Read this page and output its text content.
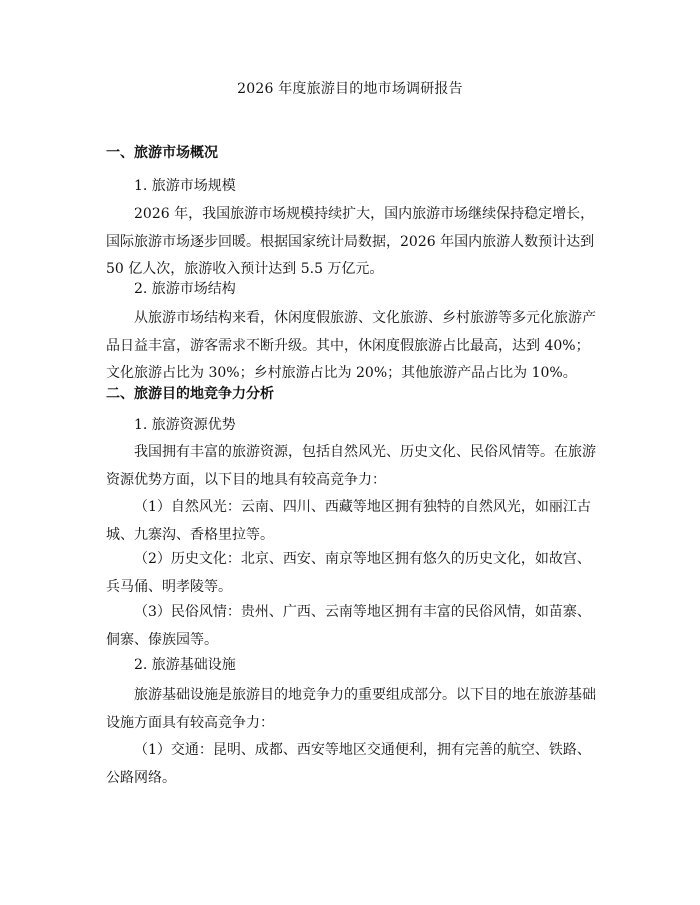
2026 年度旅游目的地市场调研报告
一、旅游市场概况
1. 旅游市场规模

2026 年，我国旅游市场规模持续扩大，国内旅游市场继续保持稳定增长，国际旅游市场逐步回暖。根据国家统计局数据，2026 年国内旅游人数预计达到 50 亿人次，旅游收入预计达到 5.5 万亿元。

2. 旅游市场结构

从旅游市场结构来看，休闲度假旅游、文化旅游、乡村旅游等多元化旅游产品日益丰富，游客需求不断升级。其中，休闲度假旅游占比最高，达到 40%；文化旅游占比为 30%；乡村旅游占比为 20%；其他旅游产品占比为 10%。

二、旅游目的地竞争力分析
1. 旅游资源优势

我国拥有丰富的旅游资源，包括自然风光、历史文化、民俗风情等。在旅游资源优势方面，以下目的地具有较高竞争力：

（1）自然风光：云南、四川、西藏等地区拥有独特的自然风光，如丽江古城、九寨沟、香格里拉等。

（2）历史文化：北京、西安、南京等地区拥有悠久的历史文化，如故宫、兵马俑、明孝陵等。

（3）民俗风情：贵州、广西、云南等地区拥有丰富的民俗风情，如苗寨、侗寨、傣族园等。

2. 旅游基础设施

旅游基础设施是旅游目的地竞争力的重要组成部分。以下目的地在旅游基础设施方面具有较高竞争力：

（1）交通：昆明、成都、西安等地区交通便利，拥有完善的航空、铁路、公路网络。
